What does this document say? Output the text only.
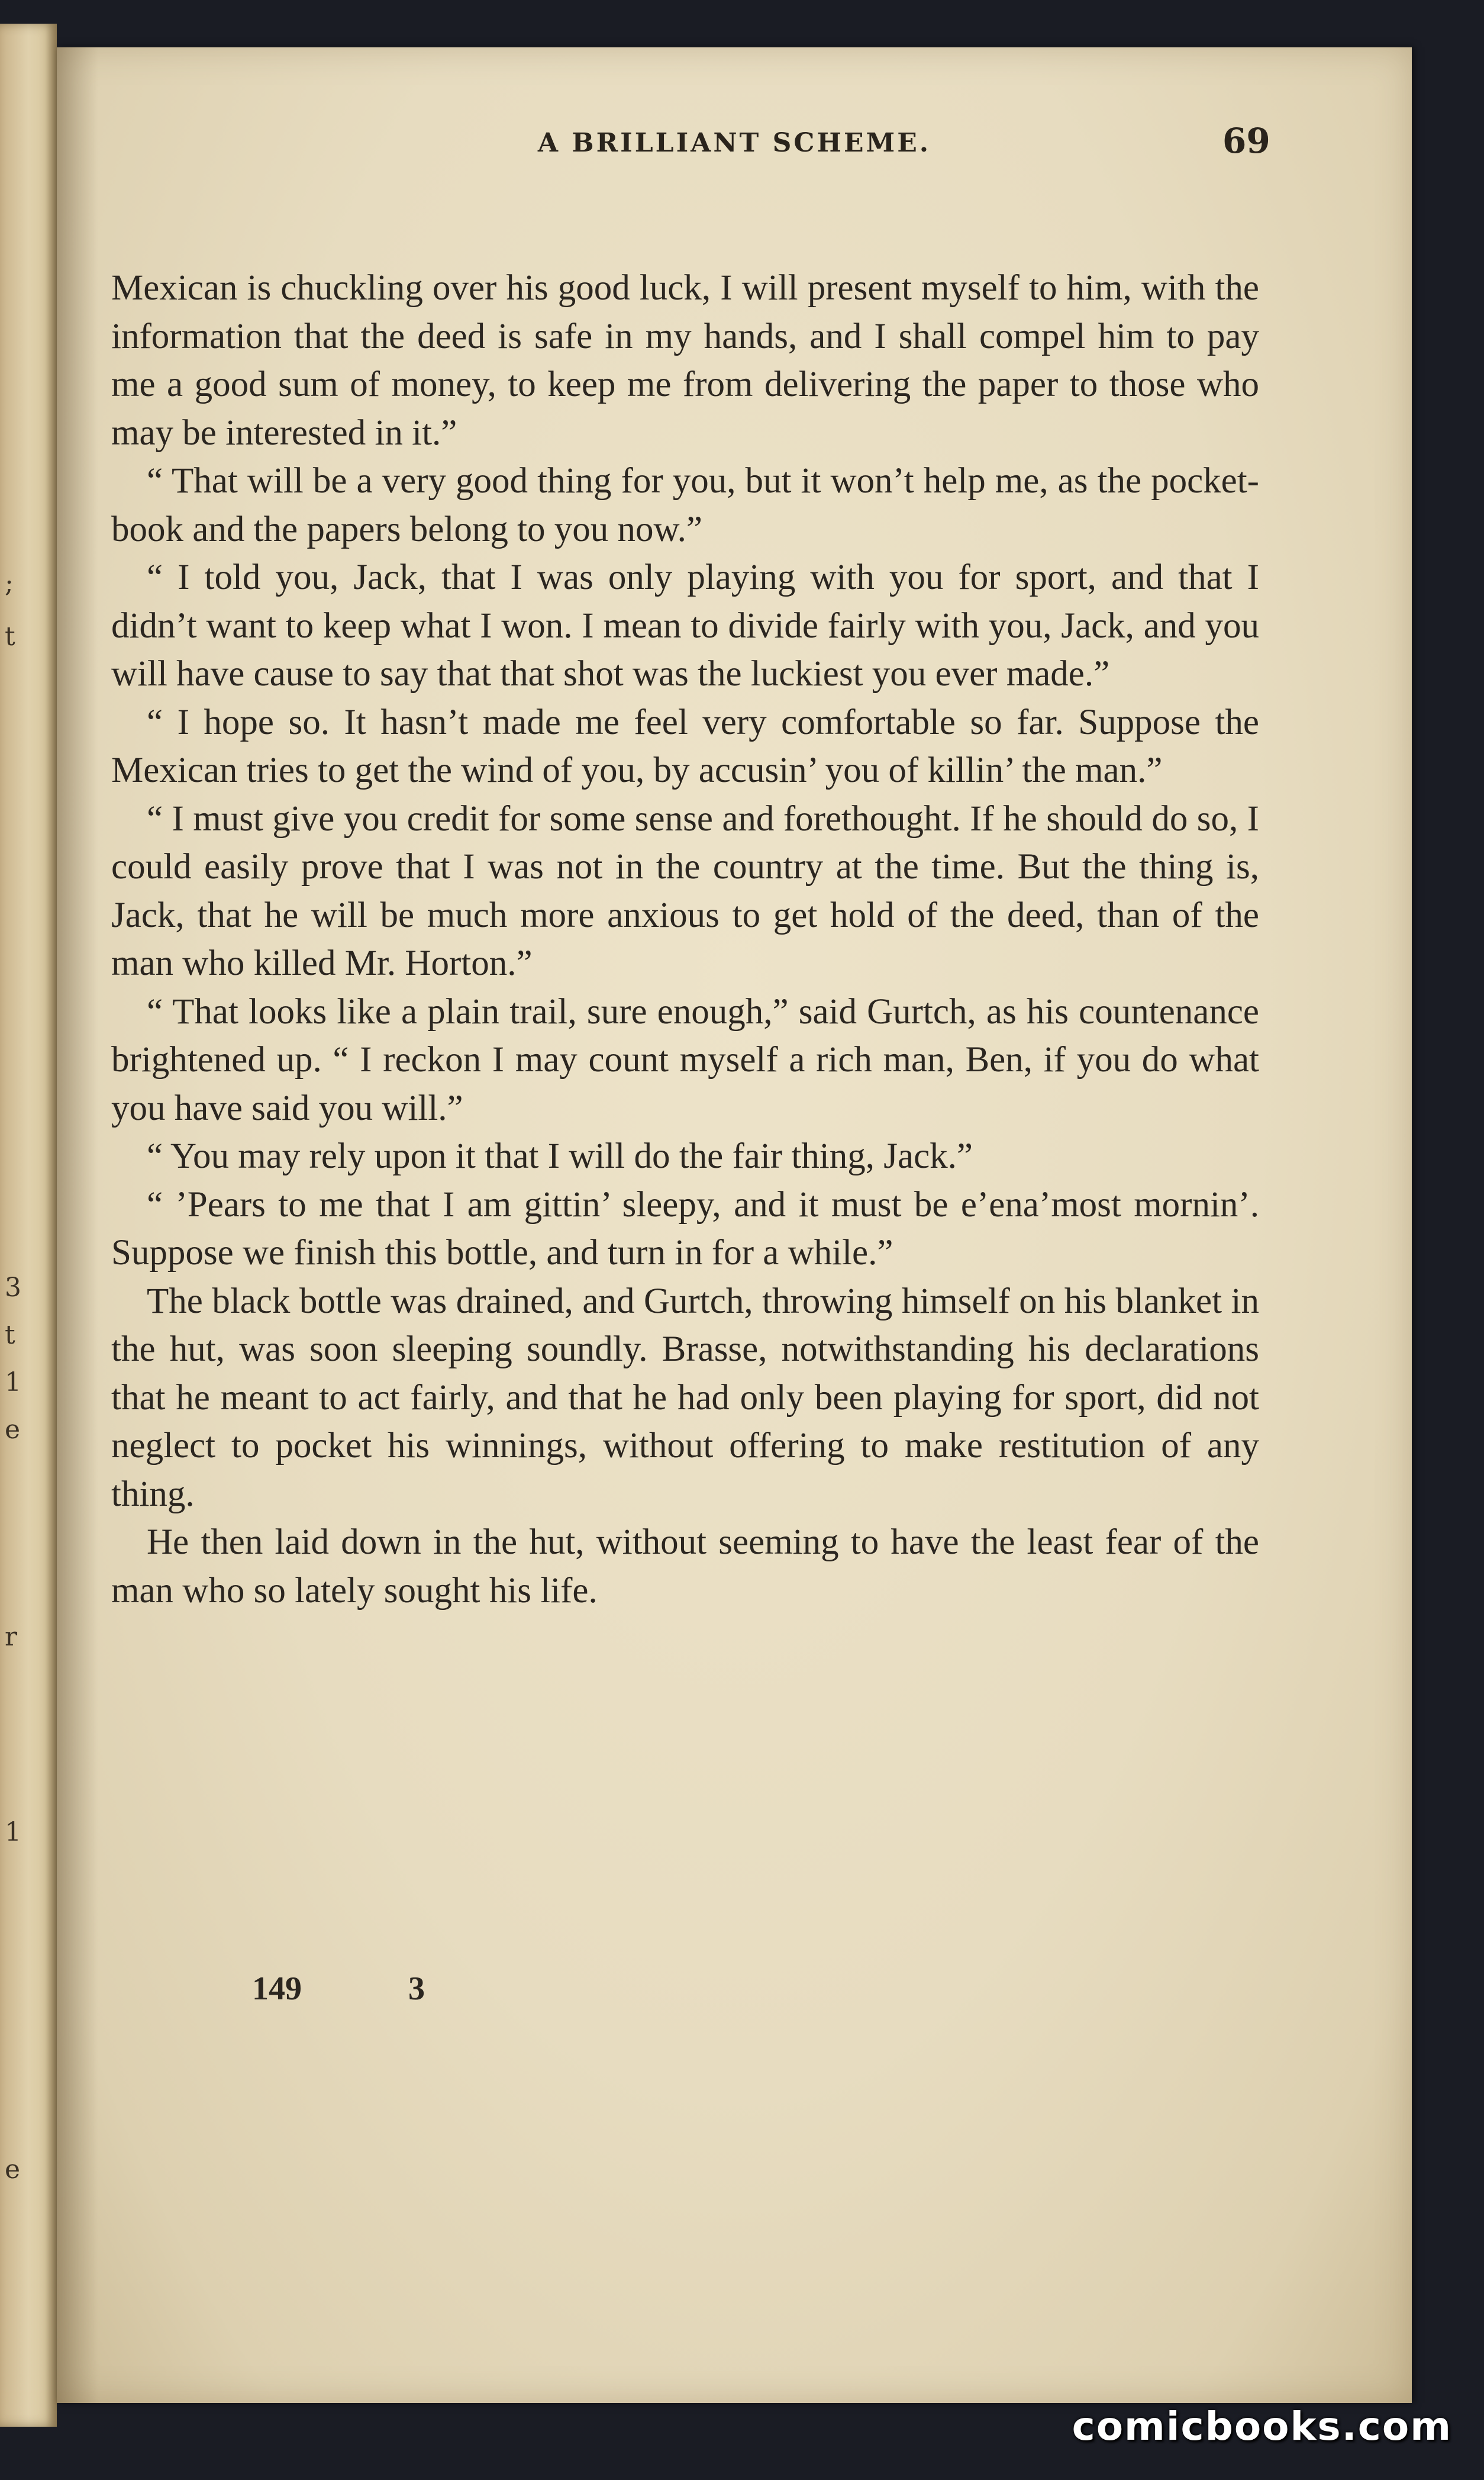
;
t
3
t
1
e
r
1
e
A BRILLIANT SCHEME.	69

Mexican is chuckling over his good luck, I will present myself to him, with the information that the deed is safe in my hands, and I shall compel him to pay me a good sum of money, to keep me from delivering the paper to those who may be interested in it.”

“ That will be a very good thing for you, but it won’t help me, as the pocket-book and the papers belong to you now.”

“ I told you, Jack, that I was only playing with you for sport, and that I didn’t want to keep what I won. I mean to divide fairly with you, Jack, and you will have cause to say that that shot was the luckiest you ever made.”

“ I hope so. It hasn’t made me feel very comfortable so far. Suppose the Mexican tries to get the wind of you, by accusin’ you of killin’ the man.”

“ I must give you credit for some sense and forethought. If he should do so, I could easily prove that I was not in the country at the time. But the thing is, Jack, that he will be much more anxious to get hold of the deed, than of the man who killed Mr. Horton.”

“ That looks like a plain trail, sure enough,” said Gurtch, as his countenance brightened up. “ I reckon I may count myself a rich man, Ben, if you do what you have said you will.”

“ You may rely upon it that I will do the fair thing, Jack.”

“ ’Pears to me that I am gittin’ sleepy, and it must be e’ena’most mornin’. Suppose we finish this bottle, and turn in for a while.”

The black bottle was drained, and Gurtch, throwing himself on his blanket in the hut, was soon sleeping soundly. Brasse, notwithstanding his declarations that he meant to act fairly, and that he had only been playing for sport, did not neglect to pocket his winnings, without offering to make restitution of any thing.

He then laid down in the hut, without seeming to have the least fear of the man who so lately sought his life.

149	3
comicbooks.com
